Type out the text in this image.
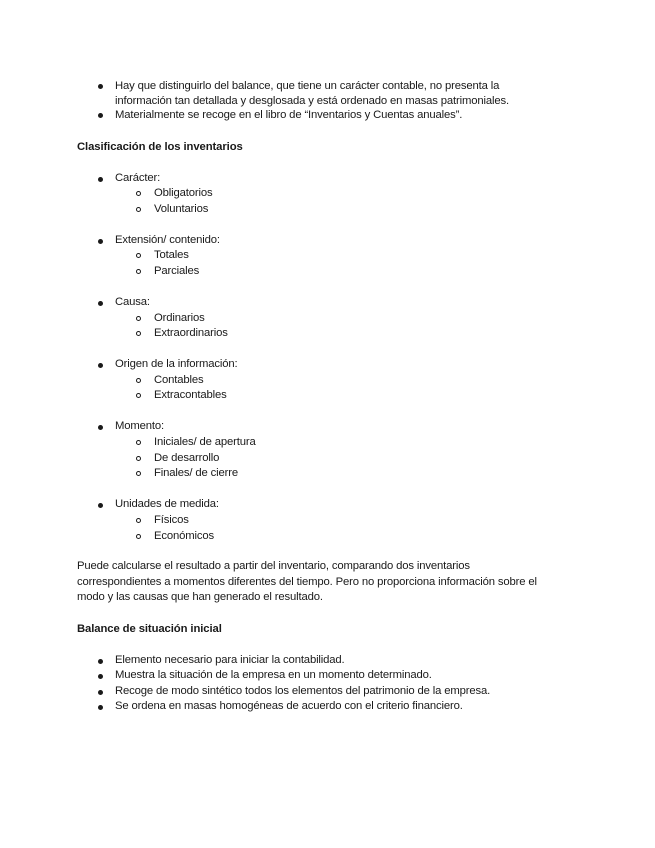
Hay que distinguirlo del balance, que tiene un carácter contable, no presenta la
información tan detallada y desglosada y está ordenado en masas patrimoniales.
Materialmente se recoge en el libro de “Inventarios y Cuentas anuales”.
Clasificación de los inventarios
Carácter:
Obligatorios
Voluntarios
Extensión/ contenido:
Totales
Parciales
Causa:
Ordinarios
Extraordinarios
Origen de la información:
Contables
Extracontables
Momento:
Iniciales/ de apertura
De desarrollo
Finales/ de cierre
Unidades de medida:
Físicos
Económicos
Puede calcularse el resultado a partir del inventario, comparando dos inventarios
correspondientes a momentos diferentes del tiempo. Pero no proporciona información sobre el
modo y las causas que han generado el resultado.
Balance de situación inicial
Elemento necesario para iniciar la contabilidad.
Muestra la situación de la empresa en un momento determinado.
Recoge de modo sintético todos los elementos del patrimonio de la empresa.
Se ordena en masas homogéneas de acuerdo con el criterio financiero.
